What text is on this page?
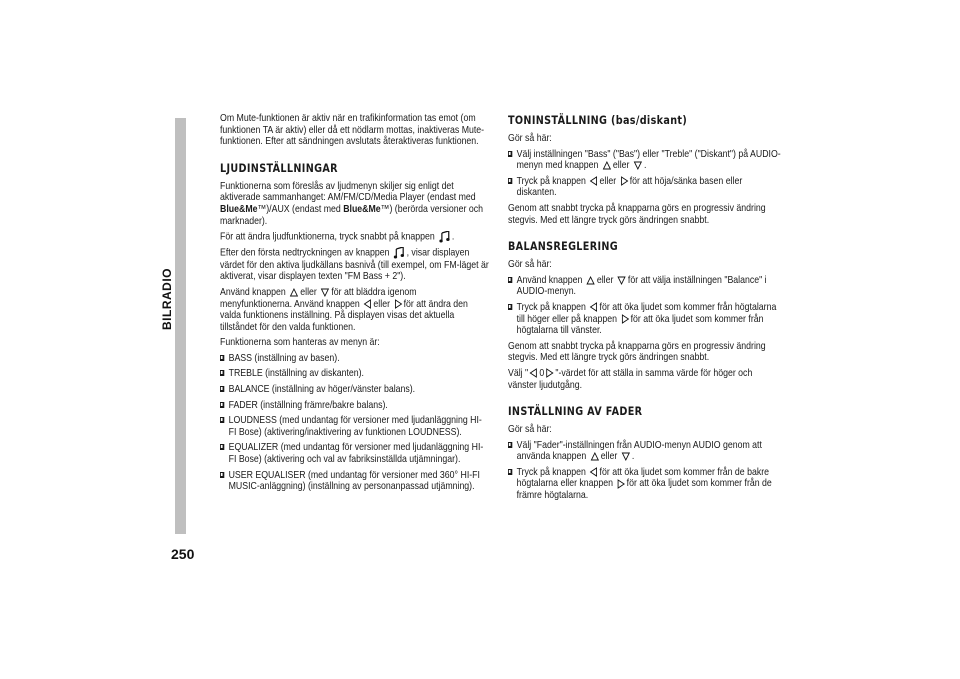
BILRADIO
250

Om Mute-funktionen är aktiv när en trafikinformation tas emot (om funktionen TA är aktiv) eller då ett nödlarm mottas, inaktiveras Mute-funktionen. Efter att sändningen avslutats återaktiveras funktionen.

LJUDINSTÄLLNINGAR

Funktionerna som föreslås av ljudmenyn skiljer sig enligt det aktiverade sammanhanget: AM/FM/CD/Media Player (endast med Blue&Me™)/AUX (endast med Blue&Me™) (berörda versioner och marknader).

För att ändra ljudfunktionerna, tryck snabbt på knappen .

Efter den första nedtryckningen av knappen , visar displayen värdet för den aktiva ljudkällans basnivå (till exempel, om FM-läget är aktiverat, visar displayen texten "FM Bass + 2").

Använd knappen eller för att bläddra igenom menyfunktionerna. Använd knappen eller för att ändra den valda funktionens inställning. På displayen visas det aktuella tillståndet för den valda funktionen.

Funktionerna som hanteras av menyn är:

BASS (inställning av basen).
TREBLE (inställning av diskanten).
BALANCE (inställning av höger/vänster balans).
FADER (inställning främre/bakre balans).
LOUDNESS (med undantag för versioner med ljudanläggning HI-FI Bose) (aktivering/inaktivering av funktionen LOUDNESS).
EQUALIZER (med undantag för versioner med ljudanläggning HI-FI Bose) (aktivering och val av fabriksinställda utjämningar).
USER EQUALISER (med undantag för versioner med 360° HI-FI MUSIC-anläggning) (inställning av personanpassad utjämning).
TONINSTÄLLNING (bas/diskant)

Gör så här:

Välj inställningen "Bass" ("Bas") eller "Treble" ("Diskant") på AUDIO-menyn med knappen eller .
Tryck på knappen eller för att höja/sänka basen eller diskanten.

Genom att snabbt trycka på knapparna görs en progressiv ändring stegvis. Med ett längre tryck görs ändringen snabbt.

BALANSREGLERING

Gör så här:

Använd knappen eller för att välja inställningen "Balance" i AUDIO-menyn.
Tryck på knappen för att öka ljudet som kommer från högtalarna till höger eller på knappen för att öka ljudet som kommer från högtalarna till vänster.

Genom att snabbt trycka på knapparna görs en progressiv ändring stegvis. Med ett längre tryck görs ändringen snabbt.

Välj " 0 "-värdet för att ställa in samma värde för höger och vänster ljudutgång.

INSTÄLLNING AV FADER

Gör så här:

Välj "Fader"-inställningen från AUDIO-menyn AUDIO genom att använda knappen eller .
Tryck på knappen för att öka ljudet som kommer från de bakre högtalarna eller knappen för att öka ljudet som kommer från de främre högtalarna.
